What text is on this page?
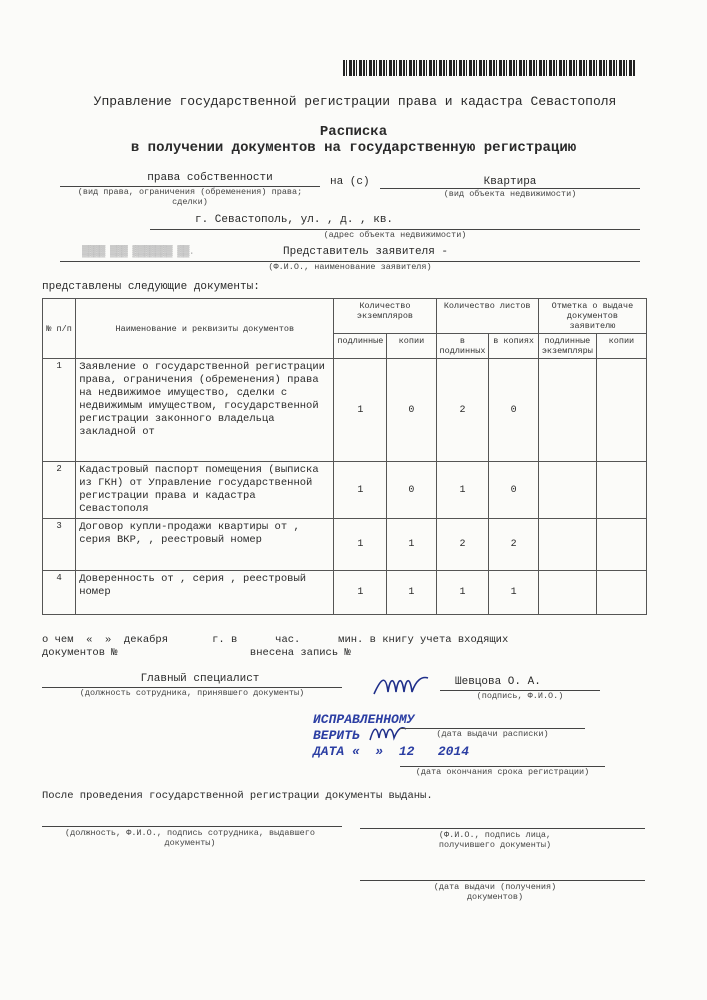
Управление государственной регистрации права и кадастра Севастополя
Расписка
в получении документов на государственную регистрацию
права собственности
(вид права, ограничения (обременения) права; сделки)
на (с)	Квартира
(вид объекта недвижимости)
г. Севастополь, ул. , д. , кв.
(адрес объекта недвижимости)
▓▓▓▓ ▓▓▓ ▓▓▓▓▓▓▓ ▓▓.	Представитель заявителя -
(Ф.И.О., наименование заявителя)
представлены следующие документы:
№ п/п	Наименование и реквизиты документов	Количество экземпляров		Количество листов		Отметка о выдаче документов заявителю	
		подлинные	копии	в подлинных	в копиях	подлинные экземпляры	копии
1	Заявление о государственной регистрации права, ограничения (обременения) права на недвижимое имущество, сделки с недвижимым имуществом, государственной регистрации законного владельца закладной от	1	0	2	0		
2	Кадастровый паспорт помещения (выписка из ГКН) от Управление государственной регистрации права и кадастра Севастополя	1	0	1	0		
3	Договор купли-продажи квартиры от , серия ВКР, , реестровый номер	1	1	2	2		
4	Доверенность от , серия , реестровый номер	1	1	1	1		
о чем  «  »  декабря       г. в      час.      мин. в книгу учета входящих
документов №                     внесена запись №
Главный специалист
(должность сотрудника, принявшего документы)
Шевцова О. А.
(подпись, Ф.И.О.)
ИСПРАВЛЕННОМУ
ВЕРИТЬ
ДАТА «  »  12   2014
(дата выдачи расписки)
(дата окончания срока регистрации)
После проведения государственной регистрации документы выданы.
(должность, Ф.И.О., подпись сотрудника, выдавшего документы)
(Ф.И.О., подпись лица, получившего документы)
(дата выдачи (получения) документов)
